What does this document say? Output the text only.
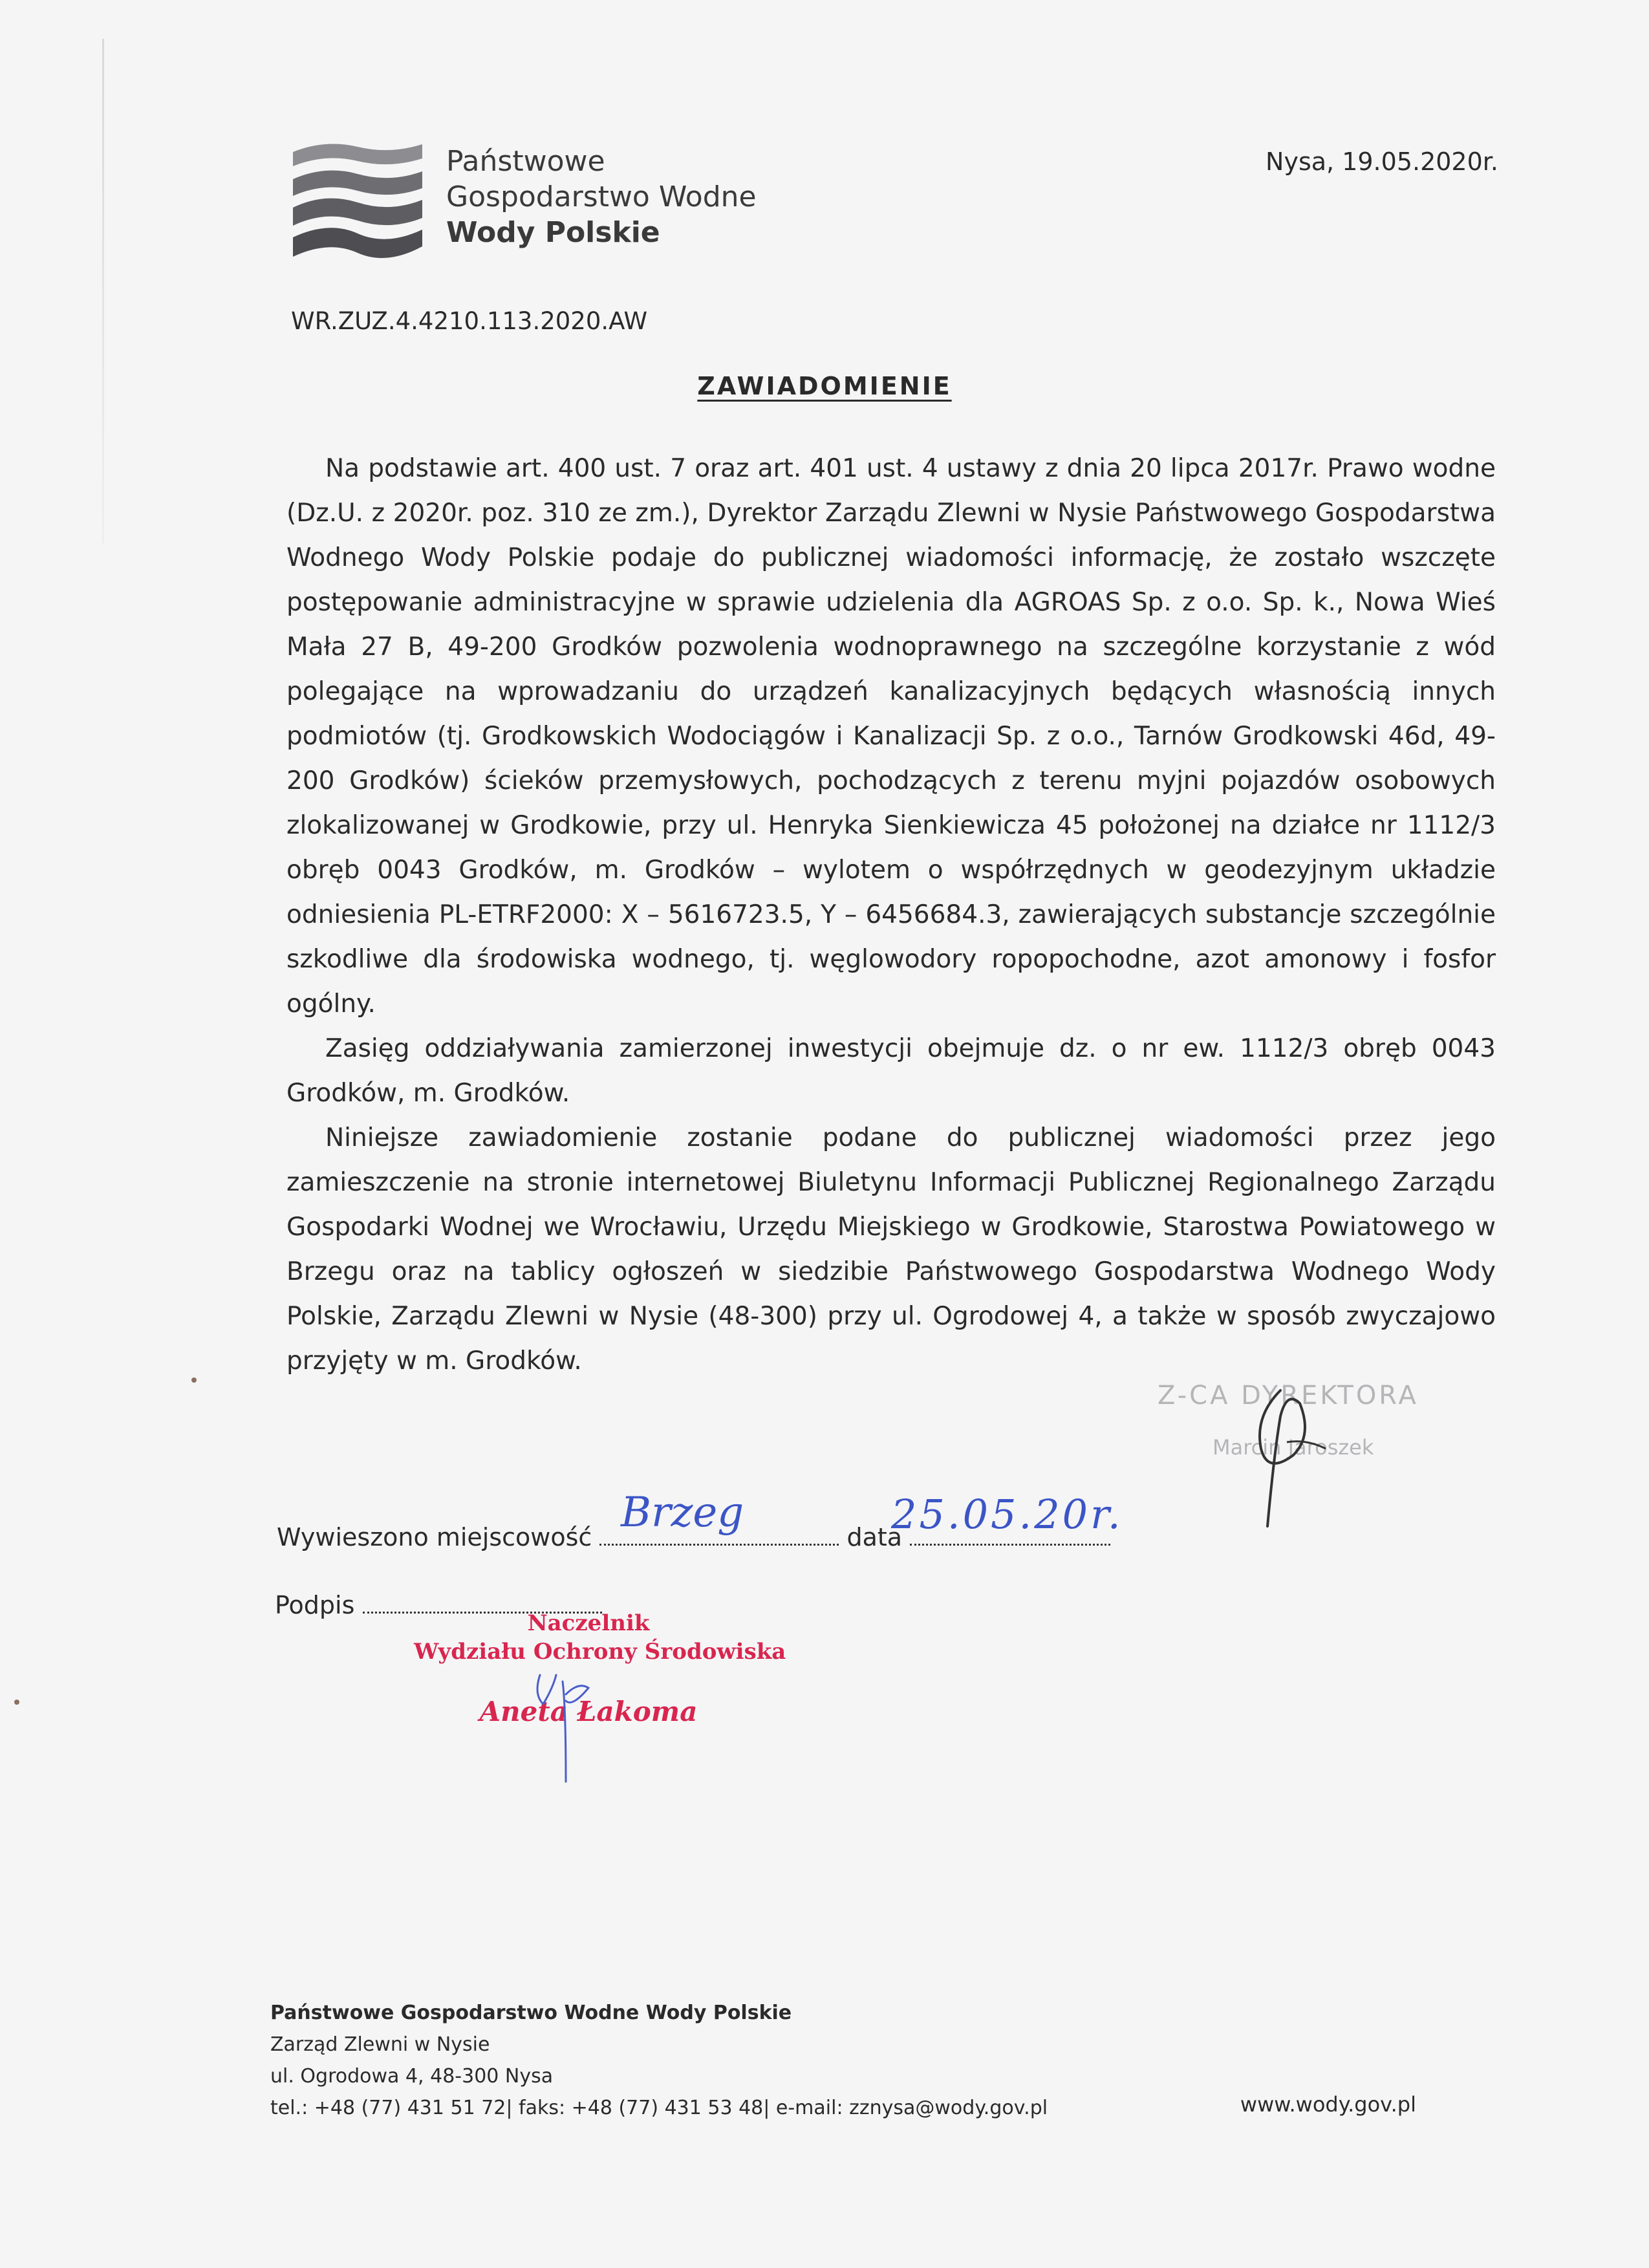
Państwowe
Gospodarstwo Wodne
Wody Polskie
Nysa, 19.05.2020r.
WR.ZUZ.4.4210.113.2020.AW
ZAWIADOMIENIE

Na podstawie art. 400 ust. 7 oraz art. 401 ust. 4 ustawy z dnia 20 lipca 2017r. Prawo wodne (Dz.U. z 2020r. poz. 310 ze zm.), Dyrektor Zarządu Zlewni w Nysie Państwowego Gospodarstwa Wodnego Wody Polskie podaje do publicznej wiadomości informację, że zostało wszczęte postępowanie administracyjne w sprawie udzielenia dla AGROAS Sp. z o.o. Sp. k., Nowa Wieś Mała 27 B, 49-200 Grodków pozwolenia wodnoprawnego na szczególne korzystanie z wód polegające na wprowadzaniu do urządzeń kanalizacyjnych będących własnością innych podmiotów (tj. Grodkowskich Wodociągów i Kanalizacji Sp. z o.o., Tarnów Grodkowski 46d, 49-200 Grodków) ścieków przemysłowych, pochodzących z terenu myjni pojazdów osobowych zlokalizowanej w Grodkowie, przy ul. Henryka Sienkiewicza 45 położonej na działce nr 1112/3 obręb 0043 Grodków, m. Grodków – wylotem o współrzędnych w geodezyjnym układzie odniesienia PL-ETRF2000: X – 5616723.5, Y – 6456684.3, zawierających substancje szczególnie szkodliwe dla środowiska wodnego, tj. węglowodory ropopochodne, azot amonowy i fosfor ogólny.

Zasięg oddziaływania zamierzonej inwestycji obejmuje dz. o nr ew. 1112/3 obręb 0043 Grodków, m. Grodków.

Niniejsze zawiadomienie zostanie podane do publicznej wiadomości przez jego zamieszczenie na stronie internetowej Biuletynu Informacji Publicznej Regionalnego Zarządu Gospodarki Wodnej we Wrocławiu, Urzędu Miejskiego w Grodkowie, Starostwa Powiatowego w Brzegu oraz na tablicy ogłoszeń w siedzibie Państwowego Gospodarstwa Wodnego Wody Polskie, Zarządu Zlewni w Nysie (48-300) przy ul. Ogrodowej 4, a także w sposób zwyczajowo przyjęty w m. Grodków.

Z-CA DYREKTORA
Marcin Jaroszek
Wywieszono miejscowość	data
Brzeg	25.05.20r.
Podpis
Naczelnik
Wydziału Ochrony Środowiska
Aneta Łakoma
Państwowe Gospodarstwo Wodne Wody Polskie
Zarząd Zlewni w Nysie
ul. Ogrodowa 4, 48-300 Nysa
tel.: +48 (77) 431 51 72| faks: +48 (77) 431 53 48| e-mail: zznysa@wody.gov.pl	www.wody.gov.pl
